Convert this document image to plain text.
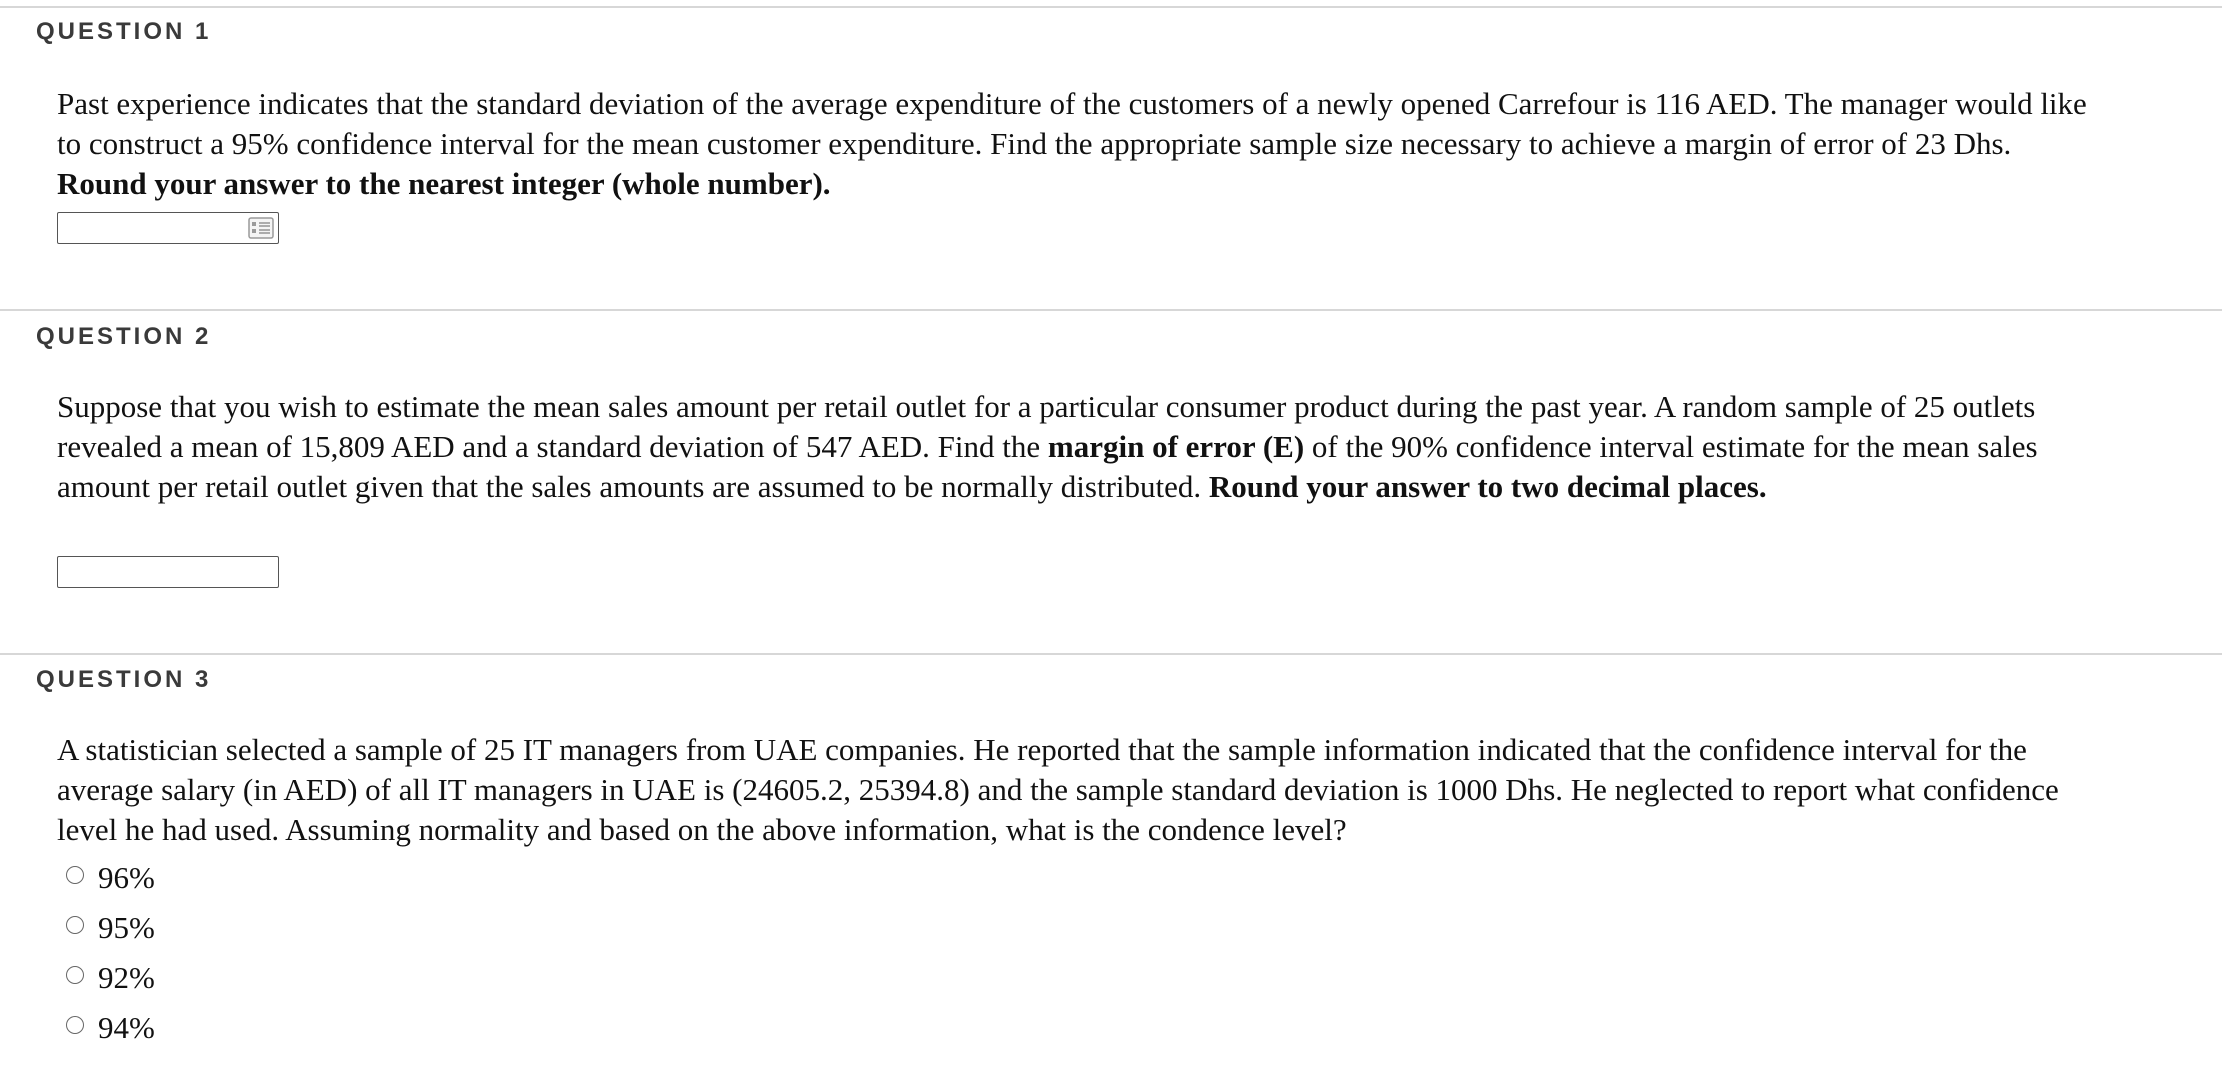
QUESTION 1
Past experience indicates that the standard deviation of the average expenditure of the customers of a newly opened Carrefour is 116 AED. The manager would like to construct a 95% confidence interval for the mean customer expenditure. Find the appropriate sample size necessary to achieve a margin of error of 23 Dhs. Round your answer to the nearest integer (whole number).
QUESTION 2
Suppose that you wish to estimate the mean sales amount per retail outlet for a particular consumer product during the past year. A random sample of 25 outlets revealed a mean of 15,809 AED and a standard deviation of 547 AED. Find the margin of error (E) of the 90% confidence interval estimate for the mean sales amount per retail outlet given that the sales amounts are assumed to be normally distributed. Round your answer to two decimal places.
QUESTION 3
A statistician selected a sample of 25 IT managers from UAE companies. He reported that the sample information indicated that the confidence interval for the average salary (in AED) of all IT managers in UAE is (24605.2, 25394.8) and the sample standard deviation is 1000 Dhs. He neglected to report what confidence level he had used. Assuming normality and based on the above information, what is the condence level?
96%
95%
92%
94%
